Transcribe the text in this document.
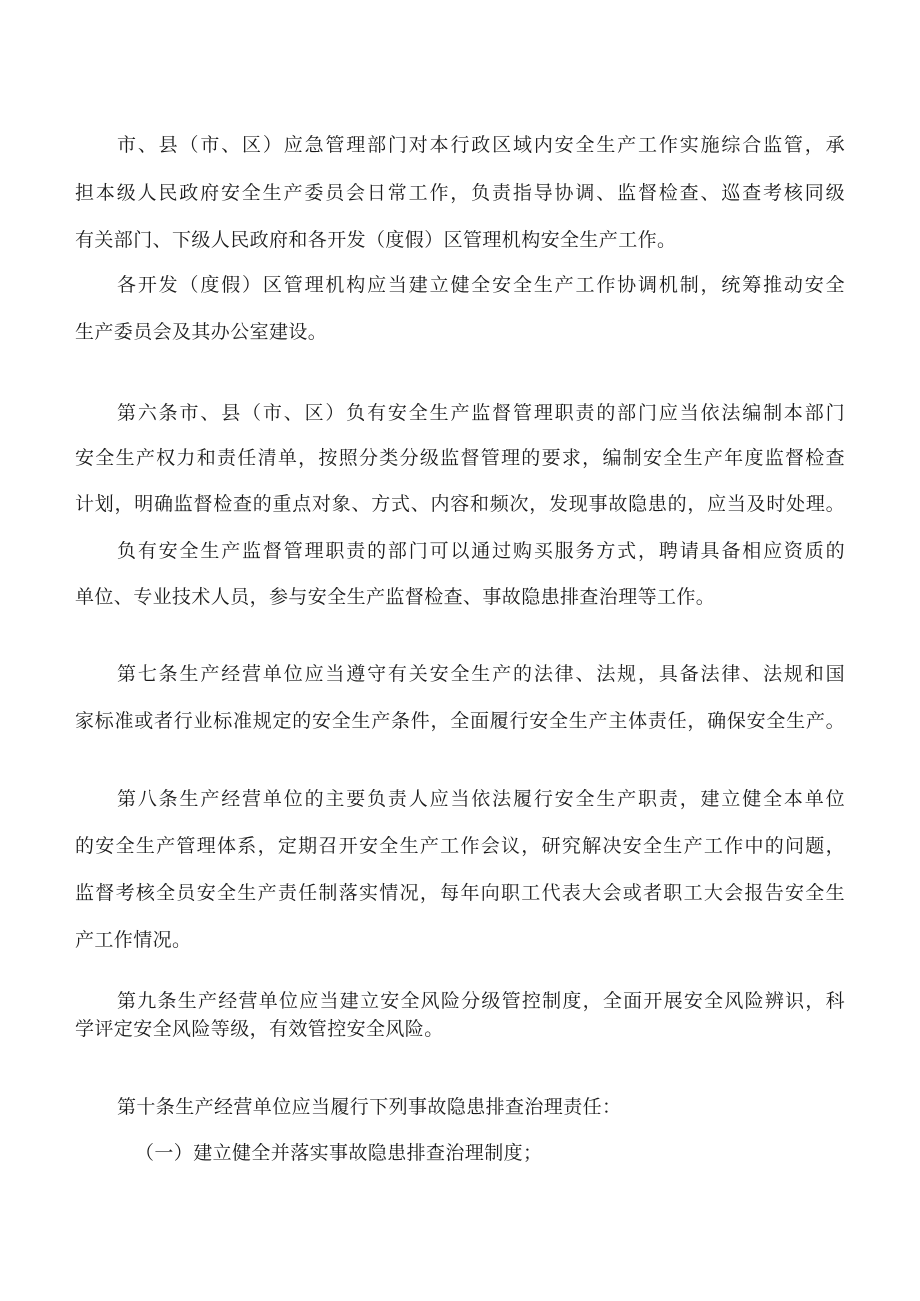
市、县（市、区）应急管理部门对本行政区域内安全生产工作实施综合监管，承
担本级人民政府安全生产委员会日常工作，负责指导协调、监督检查、巡查考核同级
有关部门、下级人民政府和各开发（度假）区管理机构安全生产工作。
各开发（度假）区管理机构应当建立健全安全生产工作协调机制，统筹推动安全
生产委员会及其办公室建设。
第六条市、县（市、区）负有安全生产监督管理职责的部门应当依法编制本部门
安全生产权力和责任清单，按照分类分级监督管理的要求，编制安全生产年度监督检查
计划，明确监督检查的重点对象、方式、内容和频次，发现事故隐患的，应当及时处理。
负有安全生产监督管理职责的部门可以通过购买服务方式，聘请具备相应资质的
单位、专业技术人员，参与安全生产监督检查、事故隐患排查治理等工作。
第七条生产经营单位应当遵守有关安全生产的法律、法规，具备法律、法规和国
家标准或者行业标准规定的安全生产条件，全面履行安全生产主体责任，确保安全生产。
第八条生产经营单位的主要负责人应当依法履行安全生产职责，建立健全本单位
的安全生产管理体系，定期召开安全生产工作会议，研究解决安全生产工作中的问题，
监督考核全员安全生产责任制落实情况，每年向职工代表大会或者职工大会报告安全生
产工作情况。
第九条生产经营单位应当建立安全风险分级管控制度，全面开展安全风险辨识，科
学评定安全风险等级，有效管控安全风险。
第十条生产经营单位应当履行下列事故隐患排查治理责任：
（一）建立健全并落实事故隐患排查治理制度；
